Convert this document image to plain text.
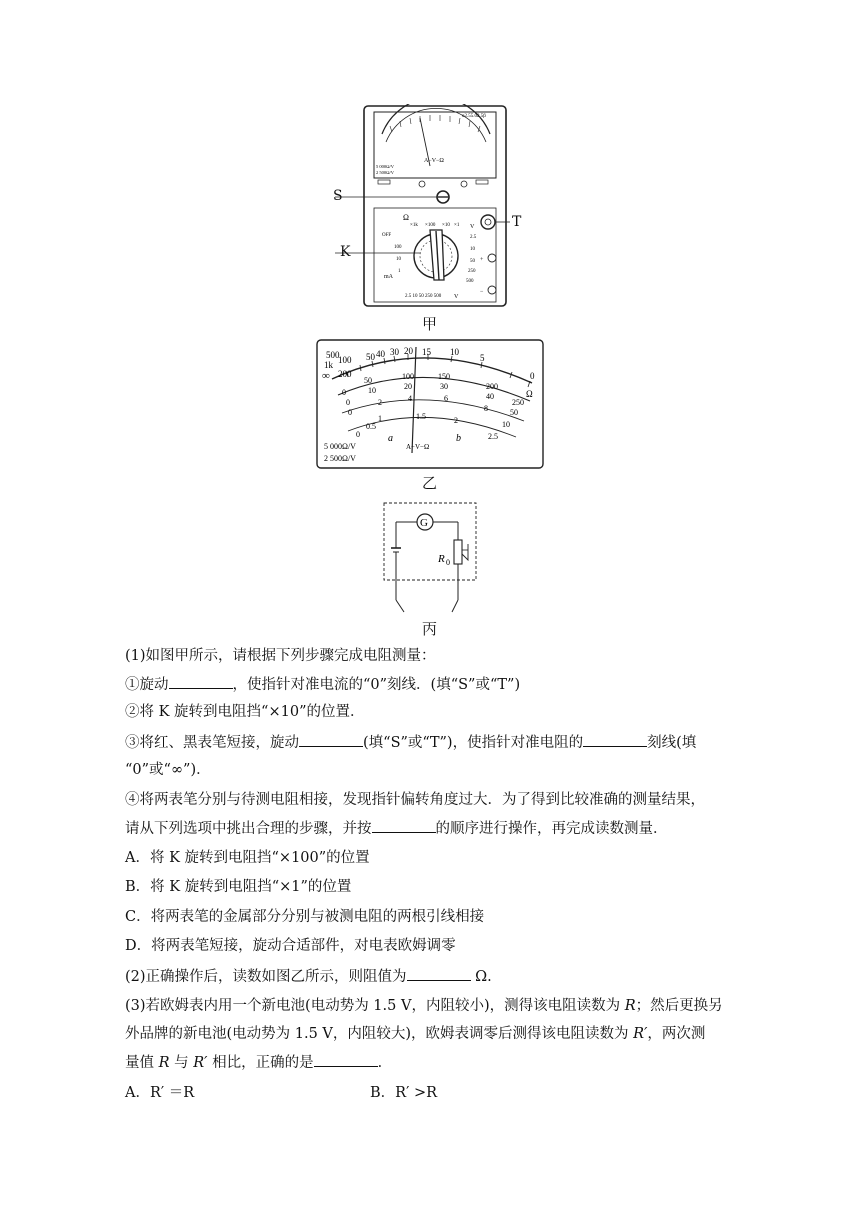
ᴏ2.55.02.5β
A−V−Ω
5 000Ω/V
2 500Ω/V
Ω
×1k ×100 ×10 ×1
OFF
100
10
1
mA
V
2.5
10
50
250
500
2.5 10 50 250 500 V
+
−
S
T
K
甲
500
1k
200
100 50 40 30 20 15 10
5
0
∞
Ω
0
50	100	150
200
250
0
10	20	30
40
50
0
2	4	6
8
10
0
0.5
1	1.5	2
2.5
a	b
A−V−Ω
5 000Ω/V
2 500Ω/V
乙
G
R 0
丙
(1)如图甲所示，请根据下列步骤完成电阻测量：
①旋动	，使指针对准电流的“0”刻线．(填“S”或“T”)
②将 K 旋转到电阻挡“×10”的位置．
③将红、黑表笔短接，旋动	(填“S”或“T”)，使指针对准电阻的	刻线(填
“0”或“∞”)．
④将两表笔分别与待测电阻相接，发现指针偏转角度过大．为了得到比较准确的测量结果，
请从下列选项中挑出合理的步骤，并按	的顺序进行操作，再完成读数测量．
A．将 K 旋转到电阻挡“×100”的位置
B．将 K 旋转到电阻挡“×1”的位置
C．将两表笔的金属部分分别与被测电阻的两根引线相接
D．将两表笔短接，旋动合适部件，对电表欧姆调零
(2)正确操作后，读数如图乙所示，则阻值为	Ω.
(3)若欧姆表内用一个新电池(电动势为 1.5 V，内阻较小)，测得该电阻读数为 R；然后更换另
外品牌的新电池(电动势为 1.5 V，内阻较大)，欧姆表调零后测得该电阻读数为 R′，两次测
量值 R 与 R′ 相比，正确的是	．
A．R′ ＝R	B．R′ >R
